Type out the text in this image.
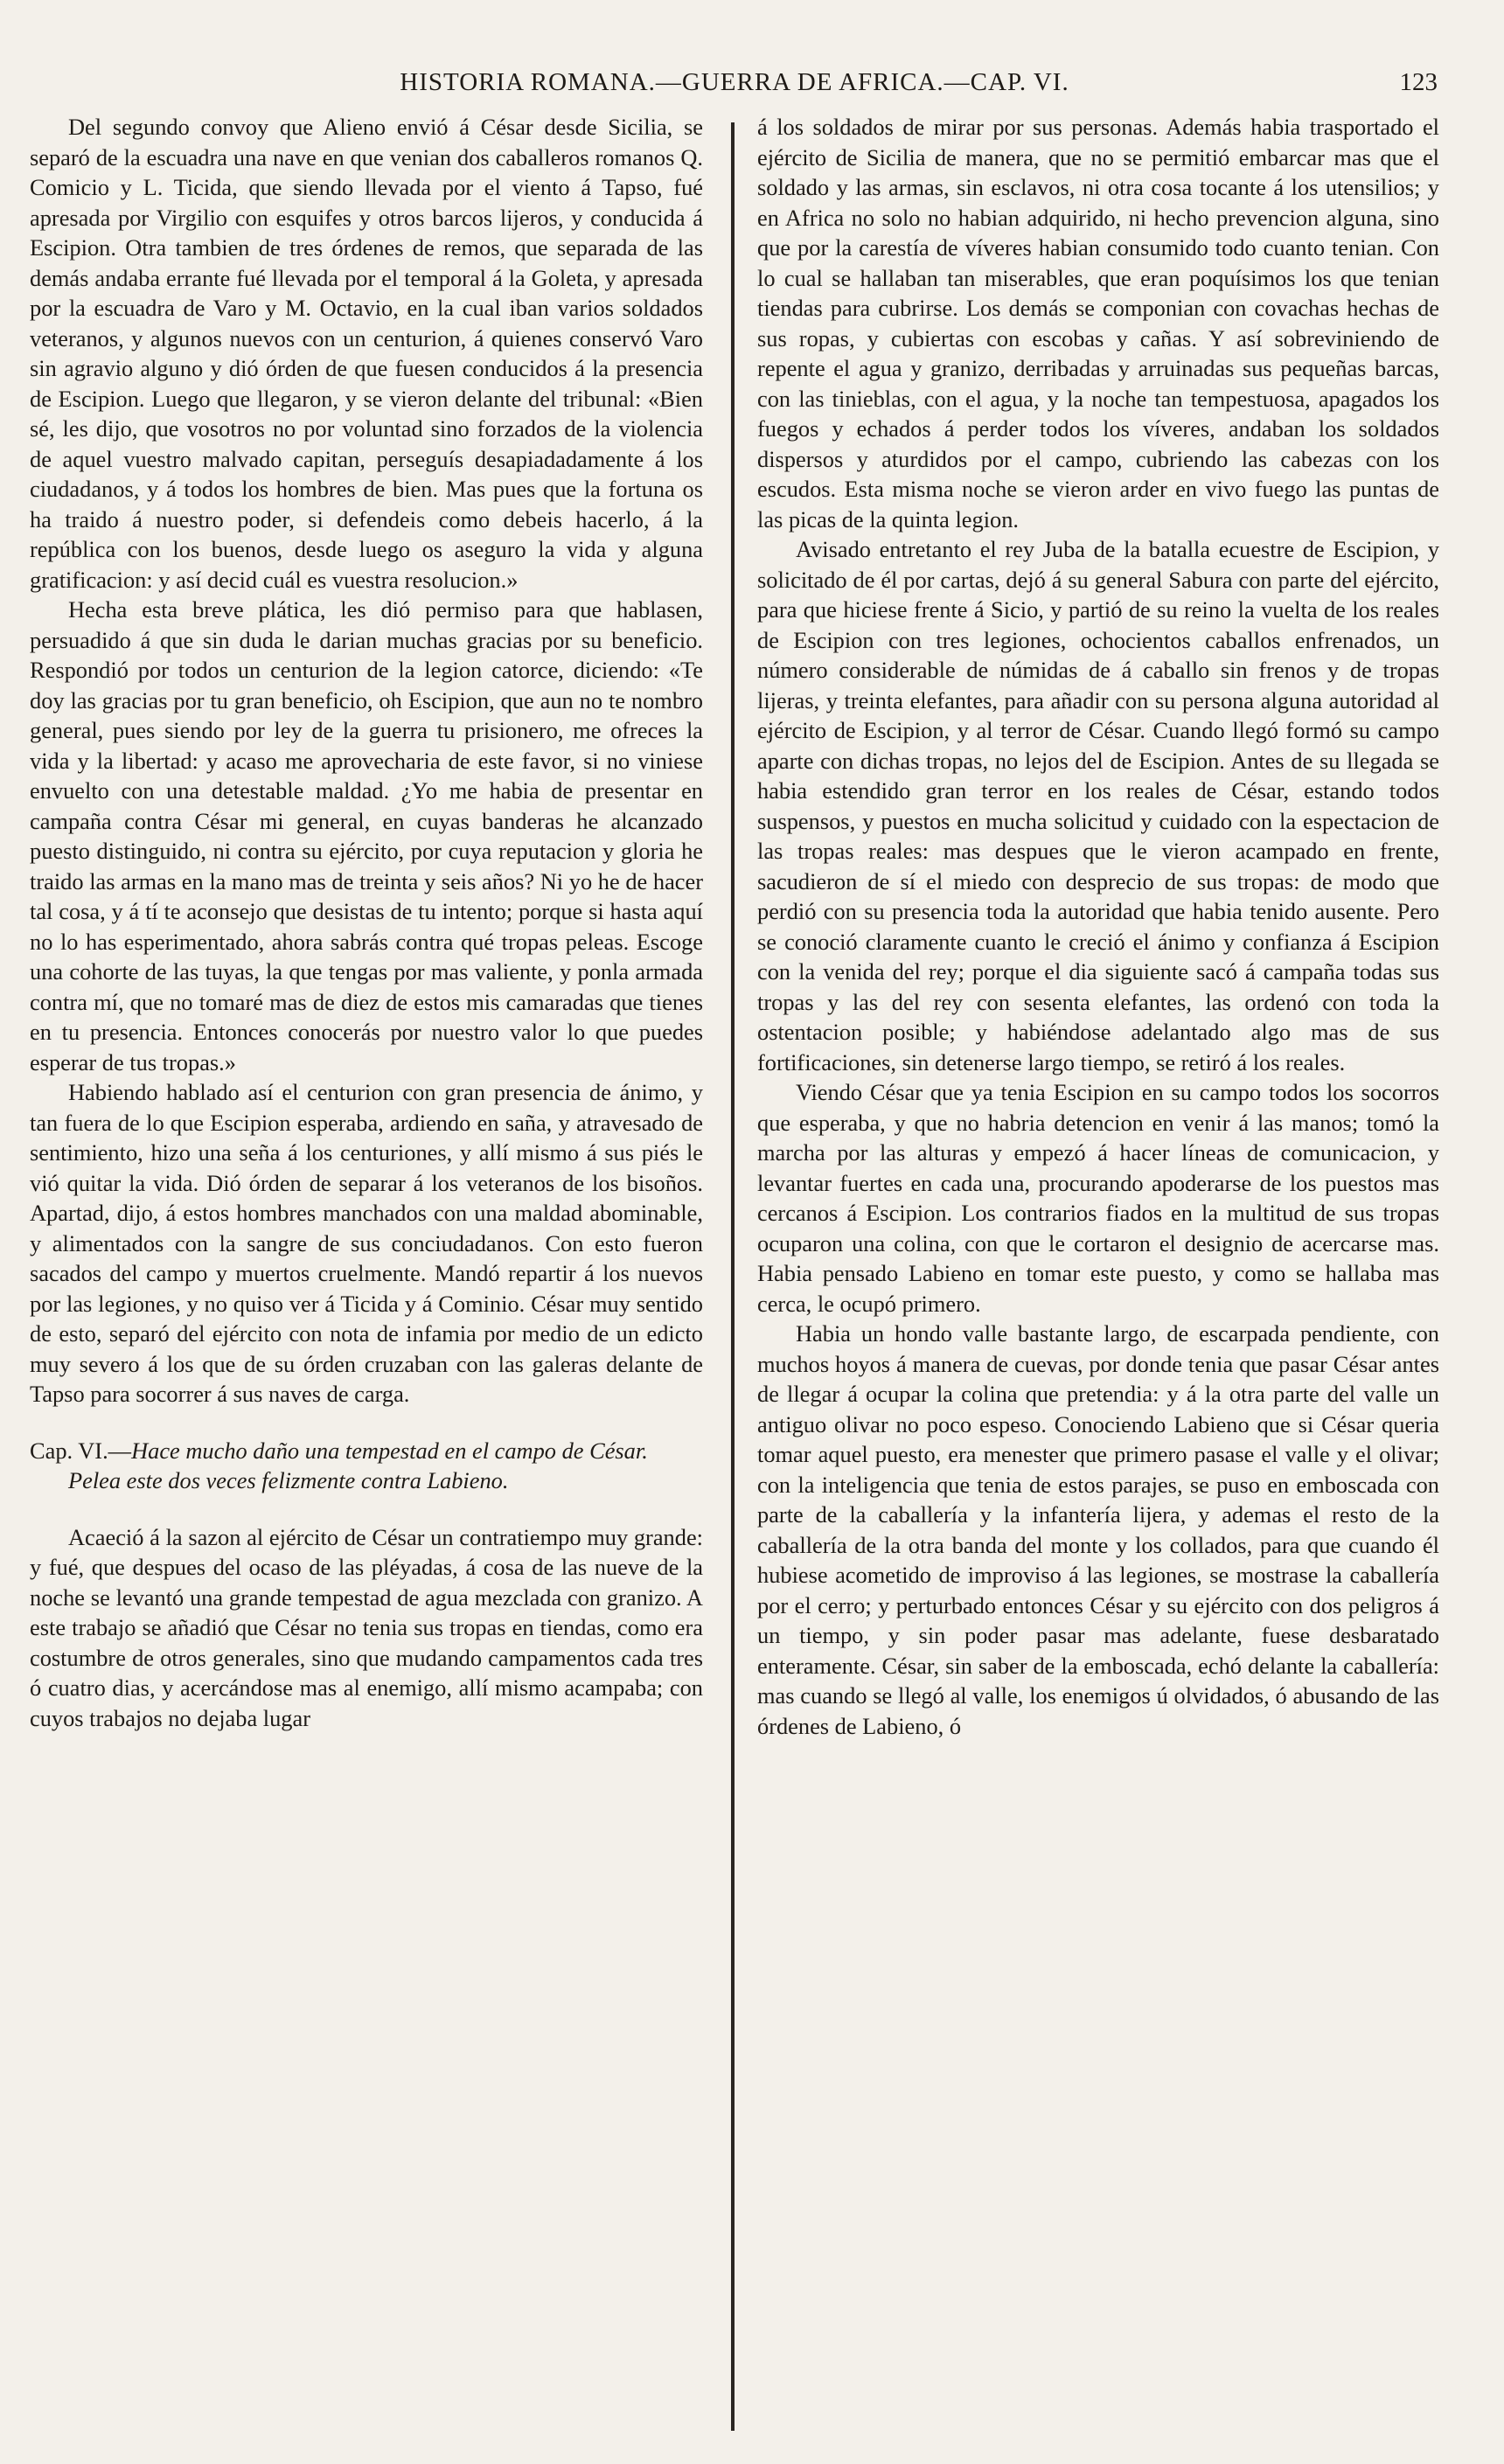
HISTORIA ROMANA.—GUERRA DE AFRICA.—CAP. VI.	123

Del segundo convoy que Alieno envió á César desde Sicilia, se separó de la escuadra una nave en que venian dos caballeros romanos Q. Comicio y L. Ticida, que siendo llevada por el viento á Tapso, fué apresada por Virgilio con esquifes y otros barcos lijeros, y conducida á Escipion. Otra tambien de tres órdenes de remos, que separada de las demás andaba errante fué llevada por el temporal á la Goleta, y apresada por la escuadra de Varo y M. Octavio, en la cual iban varios soldados veteranos, y algunos nuevos con un centurion, á quienes conservó Varo sin agravio alguno y dió órden de que fuesen conducidos á la presencia de Escipion. Luego que llegaron, y se vieron delante del tribunal: «Bien sé, les dijo, que vosotros no por voluntad sino forzados de la violencia de aquel vuestro malvado capitan, perseguís desapiadadamente á los ciudadanos, y á todos los hombres de bien. Mas pues que la fortuna os ha traido á nuestro poder, si defendeis como debeis hacerlo, á la república con los buenos, desde luego os aseguro la vida y alguna gratificacion: y así decid cuál es vuestra resolucion.»

Hecha esta breve plática, les dió permiso para que hablasen, persuadido á que sin duda le darian muchas gracias por su beneficio. Respondió por todos un centurion de la legion catorce, diciendo: «Te doy las gracias por tu gran beneficio, oh Escipion, que aun no te nombro general, pues siendo por ley de la guerra tu prisionero, me ofreces la vida y la libertad: y acaso me aprovecharia de este favor, si no viniese envuelto con una detestable maldad. ¿Yo me habia de presentar en campaña contra César mi general, en cuyas banderas he alcanzado puesto distinguido, ni contra su ejército, por cuya reputacion y gloria he traido las armas en la mano mas de treinta y seis años? Ni yo he de hacer tal cosa, y á tí te aconsejo que desistas de tu intento; porque si hasta aquí no lo has esperimentado, ahora sabrás contra qué tropas peleas. Escoge una cohorte de las tuyas, la que tengas por mas valiente, y ponla armada contra mí, que no tomaré mas de diez de estos mis camaradas que tienes en tu presencia. Entonces conocerás por nuestro valor lo que puedes esperar de tus tropas.»

Habiendo hablado así el centurion con gran presencia de ánimo, y tan fuera de lo que Escipion esperaba, ardiendo en saña, y atravesado de sentimiento, hizo una seña á los centuriones, y allí mismo á sus piés le vió quitar la vida. Dió órden de separar á los veteranos de los bisoños. Apartad, dijo, á estos hombres manchados con una maldad abominable, y alimentados con la sangre de sus conciudadanos. Con esto fueron sacados del campo y muertos cruelmente. Mandó repartir á los nuevos por las legiones, y no quiso ver á Ticida y á Cominio. César muy sentido de esto, separó del ejército con nota de infamia por medio de un edicto muy severo á los que de su órden cruzaban con las galeras delante de Tapso para socorrer á sus naves de carga.

Cap. VI.—Hace mucho daño una tempestad en el campo de César. Pelea este dos veces felizmente contra Labieno.

Acaeció á la sazon al ejército de César un contratiempo muy grande: y fué, que despues del ocaso de las pléyadas, á cosa de las nueve de la noche se levantó una grande tempestad de agua mezclada con granizo. A este trabajo se añadió que César no tenia sus tropas en tiendas, como era costumbre de otros generales, sino que mudando campamentos cada tres ó cuatro dias, y acercándose mas al enemigo, allí mismo acampaba; con cuyos trabajos no dejaba lugar

á los soldados de mirar por sus personas. Además habia trasportado el ejército de Sicilia de manera, que no se permitió embarcar mas que el soldado y las armas, sin esclavos, ni otra cosa tocante á los utensilios; y en Africa no solo no habian adquirido, ni hecho prevencion alguna, sino que por la carestía de víveres habian consumido todo cuanto tenian. Con lo cual se hallaban tan miserables, que eran poquísimos los que tenian tiendas para cubrirse. Los demás se componian con covachas hechas de sus ropas, y cubiertas con escobas y cañas. Y así sobreviniendo de repente el agua y granizo, derribadas y arruinadas sus pequeñas barcas, con las tinieblas, con el agua, y la noche tan tempestuosa, apagados los fuegos y echados á perder todos los víveres, andaban los soldados dispersos y aturdidos por el campo, cubriendo las cabezas con los escudos. Esta misma noche se vieron arder en vivo fuego las puntas de las picas de la quinta legion.

Avisado entretanto el rey Juba de la batalla ecuestre de Escipion, y solicitado de él por cartas, dejó á su general Sabura con parte del ejército, para que hiciese frente á Sicio, y partió de su reino la vuelta de los reales de Escipion con tres legiones, ochocientos caballos enfrenados, un número considerable de númidas de á caballo sin frenos y de tropas lijeras, y treinta elefantes, para añadir con su persona alguna autoridad al ejército de Escipion, y al terror de César. Cuando llegó formó su campo aparte con dichas tropas, no lejos del de Escipion. Antes de su llegada se habia estendido gran terror en los reales de César, estando todos suspensos, y puestos en mucha solicitud y cuidado con la espectacion de las tropas reales: mas despues que le vieron acampado en frente, sacudieron de sí el miedo con desprecio de sus tropas: de modo que perdió con su presencia toda la autoridad que habia tenido ausente. Pero se conoció claramente cuanto le creció el ánimo y confianza á Escipion con la venida del rey; porque el dia siguiente sacó á campaña todas sus tropas y las del rey con sesenta elefantes, las ordenó con toda la ostentacion posible; y habiéndose adelantado algo mas de sus fortificaciones, sin detenerse largo tiempo, se retiró á los reales.

Viendo César que ya tenia Escipion en su campo todos los socorros que esperaba, y que no habria detencion en venir á las manos; tomó la marcha por las alturas y empezó á hacer líneas de comunicacion, y levantar fuertes en cada una, procurando apoderarse de los puestos mas cercanos á Escipion. Los contrarios fiados en la multitud de sus tropas ocuparon una colina, con que le cortaron el designio de acercarse mas. Habia pensado Labieno en tomar este puesto, y como se hallaba mas cerca, le ocupó primero.

Habia un hondo valle bastante largo, de escarpada pendiente, con muchos hoyos á manera de cuevas, por donde tenia que pasar César antes de llegar á ocupar la colina que pretendia: y á la otra parte del valle un antiguo olivar no poco espeso. Conociendo Labieno que si César queria tomar aquel puesto, era menester que primero pasase el valle y el olivar; con la inteligencia que tenia de estos parajes, se puso en emboscada con parte de la caballería y la infantería lijera, y ademas el resto de la caballería de la otra banda del monte y los collados, para que cuando él hubiese acometido de improviso á las legiones, se mostrase la caballería por el cerro; y perturbado entonces César y su ejército con dos peligros á un tiempo, y sin poder pasar mas adelante, fuese desbaratado enteramente. César, sin saber de la emboscada, echó delante la caballería: mas cuando se llegó al valle, los enemigos ú olvidados, ó abusando de las órdenes de Labieno, ó
